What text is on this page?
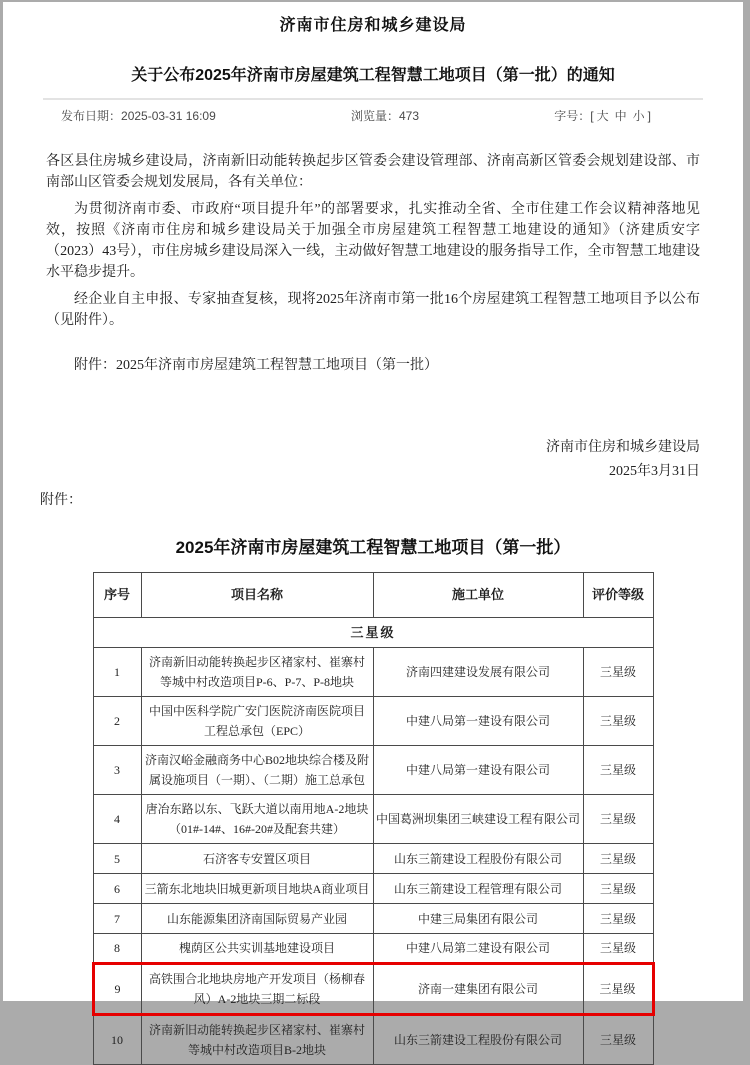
济南市住房和城乡建设局
关于公布2025年济南市房屋建筑工程智慧工地项目（第一批）的通知
发布日期：2025-03-31 16:09	浏览量：473	字号：[ 大 中 小 ]

各区县住房城乡建设局，济南新旧动能转换起步区管委会建设管理部、济南高新区管委会规划建设部、市南部山区管委会规划发展局，各有关单位：

为贯彻济南市委、市政府“项目提升年”的部署要求，扎实推动全省、全市住建工作会议精神落地见效，按照《济南市住房和城乡建设局关于加强全市房屋建筑工程智慧工地建设的通知》（济建质安字（2023）43号），市住房城乡建设局深入一线，主动做好智慧工地建设的服务指导工作，全市智慧工地建设水平稳步提升。

经企业自主申报、专家抽查复核，现将2025年济南市第一批16个房屋建筑工程智慧工地项目予以公布（见附件）。

附件：2025年济南市房屋建筑工程智慧工地项目（第一批）

济南市住房和城乡建设局
2025年3月31日

附件：

2025年济南市房屋建筑工程智慧工地项目（第一批）
序号	项目名称	施工单位	评价等级
三星级			
1	济南新旧动能转换起步区褚家村、崔寨村等城中村改造项目P-6、P-7、P-8地块	济南四建建设发展有限公司	三星级
2	中国中医科学院广安门医院济南医院项目工程总承包（EPC）	中建八局第一建设有限公司	三星级
3	济南汉峪金融商务中心B02地块综合楼及附属设施项目（一期）、（二期）施工总承包	中建八局第一建设有限公司	三星级
4	唐冶东路以东、飞跃大道以南用地A-2地块（01#-14#、16#-20#及配套共建）	中国葛洲坝集团三峡建设工程有限公司	三星级
5	石济客专安置区项目	山东三箭建设工程股份有限公司	三星级
6	三箭东北地块旧城更新项目地块A商业项目	山东三箭建设工程管理有限公司	三星级
7	山东能源集团济南国际贸易产业园	中建三局集团有限公司	三星级
8	槐荫区公共实训基地建设项目	中建八局第二建设有限公司	三星级
9	高铁围合北地块房地产开发项目（杨柳春风）A-2地块三期二标段	济南一建集团有限公司	三星级
10	济南新旧动能转换起步区褚家村、崔寨村等城中村改造项目B-2地块	山东三箭建设工程股份有限公司	三星级
